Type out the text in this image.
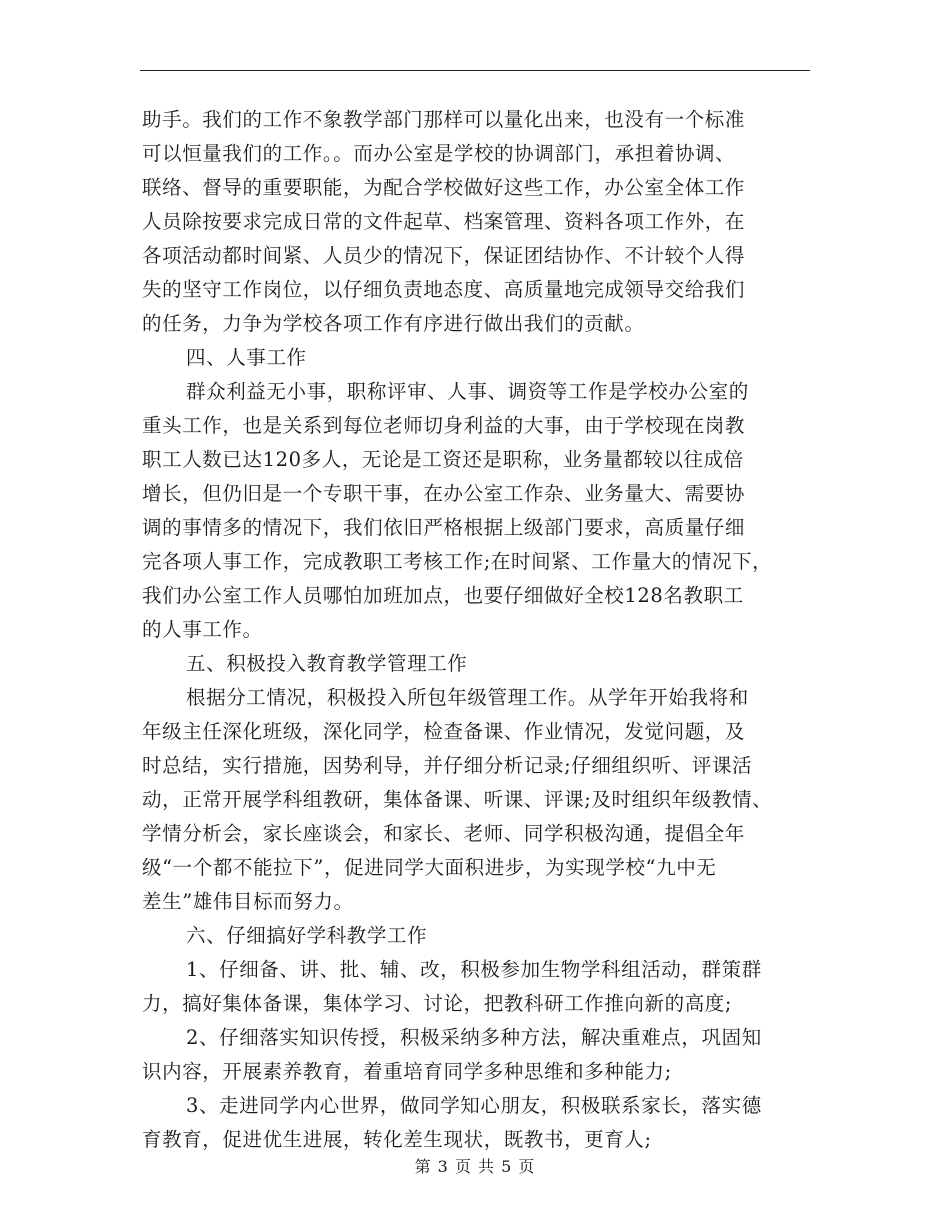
助手。我们的工作不象教学部门那样可以量化出来，也没有一个标准
可以恒量我们的工作。。而办公室是学校的协调部门，承担着协调、
联络、督导的重要职能，为配合学校做好这些工作，办公室全体工作
人员除按要求完成日常的文件起草、档案管理、资料各项工作外，在
各项活动都时间紧、人员少的情况下，保证团结协作、不计较个人得
失的坚守工作岗位，以仔细负责地态度、高质量地完成领导交给我们
的任务，力争为学校各项工作有序进行做出我们的贡献。
四、人事工作
群众利益无小事，职称评审、人事、调资等工作是学校办公室的
重头工作，也是关系到每位老师切身利益的大事，由于学校现在岗教
职工人数已达120多人，无论是工资还是职称，业务量都较以往成倍
增长，但仍旧是一个专职干事，在办公室工作杂、业务量大、需要协
调的事情多的情况下，我们依旧严格根据上级部门要求，高质量仔细
完各项人事工作，完成教职工考核工作;在时间紧、工作量大的情况下，
我们办公室工作人员哪怕加班加点，也要仔细做好全校128名教职工
的人事工作。
五、积极投入教育教学管理工作
根据分工情况，积极投入所包年级管理工作。从学年开始我将和
年级主任深化班级，深化同学，检查备课、作业情况，发觉问题，及
时总结，实行措施，因势利导，并仔细分析记录;仔细组织听、评课活
动，正常开展学科组教研，集体备课、听课、评课;及时组织年级教情、
学情分析会，家长座谈会，和家长、老师、同学积极沟通，提倡全年
级“一个都不能拉下”，促进同学大面积进步，为实现学校“九中无
差生”雄伟目标而努力。
六、仔细搞好学科教学工作
1、仔细备、讲、批、辅、改，积极参加生物学科组活动，群策群
力，搞好集体备课，集体学习、讨论，把教科研工作推向新的高度;
2、仔细落实知识传授，积极采纳多种方法，解决重难点，巩固知
识内容，开展素养教育，着重培育同学多种思维和多种能力;
3、走进同学内心世界，做同学知心朋友，积极联系家长，落实德
育教育，促进优生进展，转化差生现状，既教书，更育人;
第 3 页 共 5 页
